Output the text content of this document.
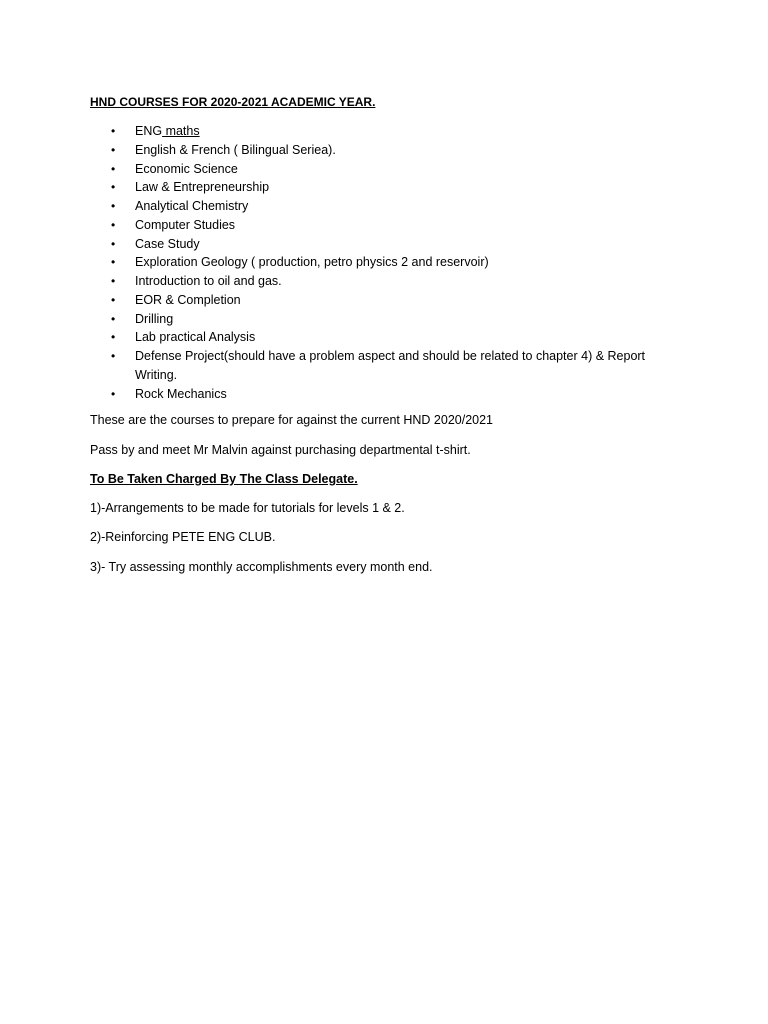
HND COURSES FOR 2020-2021 ACADEMIC YEAR.
• ENG maths
• English & French ( Bilingual Seriea).
• Economic Science
• Law & Entrepreneurship
• Analytical Chemistry
• Computer Studies
• Case Study
• Exploration Geology ( production, petro physics 2 and reservoir)
• Introduction to oil and gas.
• EOR & Completion
• Drilling
• Lab practical Analysis
• Defense Project(should have a problem aspect and should be related to chapter 4) & Report Writing.
• Rock Mechanics

These are the courses to prepare for against the current HND 2020/2021

Pass by and meet Mr Malvin against purchasing departmental t-shirt.

To Be Taken Charged By The Class Delegate.

1)-Arrangements to be made for tutorials for levels 1 & 2.

2)-Reinforcing PETE ENG CLUB.

3)- Try assessing monthly accomplishments every month end.
